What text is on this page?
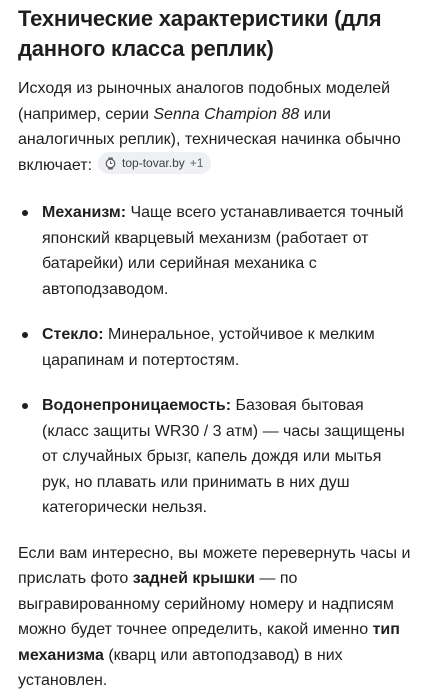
Технические характеристики (для данного класса реплик)

Исходя из рыночных аналогов подобных моделей (например, серии Senna Champion 88 или аналогичных реплик), техническая начинка обычно включает:	top-tovar.by +1

Механизм: Чаще всего устанавливается точный японский кварцевый механизм (работает от батарейки) или серийная механика с автоподзаводом.

Стекло: Минеральное, устойчивое к мелким царапинам и потертостям.

Водонепроницаемость: Базовая бытовая (класс защиты WR30 / 3 атм) — часы защищены от случайных брызг, капель дождя или мытья рук, но плавать или принимать в них душ категорически нельзя.

Если вам интересно, вы можете перевернуть часы и прислать фото задней крышки — по выгравированному серийному номеру и надписям можно будет точнее определить, какой именно тип механизма (кварц или автоподзавод) в них установлен.
